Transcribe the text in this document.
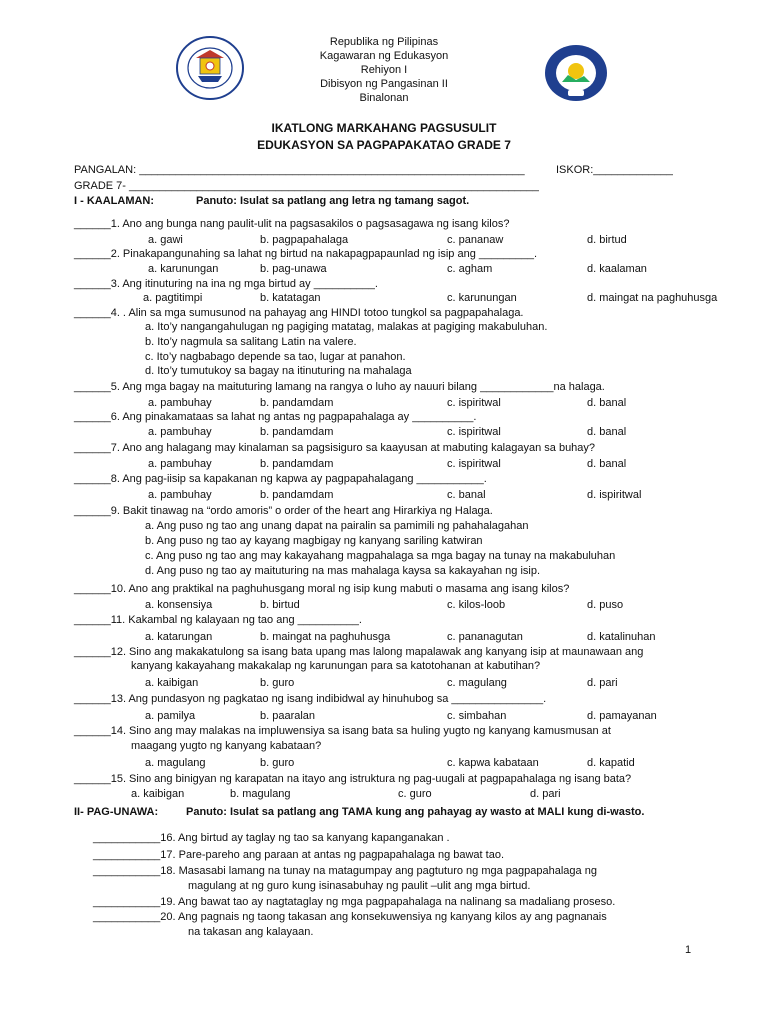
Republika ng Pilipinas
Kagawaran ng Edukasyon
Rehiyon I
Dibisyon ng Pangasinan II
Binalonan
IKATLONG MARKAHANG PAGSUSULIT
EDUKASYON SA PAGPAPAKATAO GRADE 7
PANGALAN: _______________________________________________________________	ISKOR:_____________
GRADE 7- ___________________________________________________________________
I - KAALAMAN:	Panuto: Isulat sa patlang ang letra ng tamang sagot.
______1. Ano ang bunga nang paulit-ulit na pagsasakilos o pagsasagawa ng isang kilos?
a. gawi	b. pagpapahalaga	c. pananaw	d. birtud
______2. Pinakapangunahing sa lahat ng birtud na nakapagpapaunlad ng isip ang _________.
a. karunungan	b. pag-unawa	c. agham	d. kaalaman
______3. Ang itinuturing na ina ng mga birtud ay __________.
a. pagtitimpi	b. katatagan	c. karunungan	d. maingat na paghuhusga
______4. . Alin sa mga sumusunod na pahayag ang HINDI totoo tungkol sa pagpapahalaga.
a. Ito’y nangangahulugan ng pagiging matatag, malakas at pagiging makabuluhan.
b. Ito’y nagmula sa salitang Latin na valere.
c. Ito’y nagbabago depende sa tao, lugar at panahon.
d. Ito’y tumutukoy sa bagay na itinuturing na mahalaga
______5. Ang mga bagay na maituturing lamang na rangya o luho ay nauuri bilang ____________na halaga.
a. pambuhay	b. pandamdam	c. ispiritwal	d. banal
______6. Ang pinakamataas sa lahat ng antas ng pagpapahalaga ay __________.
a. pambuhay	b. pandamdam	c. ispiritwal	d. banal
______7. Ano ang halagang may kinalaman sa pagsisiguro sa kaayusan at mabuting kalagayan sa buhay?
a. pambuhay	b. pandamdam	c. ispiritwal	d. banal
______8. Ang pag-iisip sa kapakanan ng kapwa ay pagpapahalagang ___________.
a. pambuhay	b. pandamdam	c. banal	d. ispiritwal
______9. Bakit tinawag na “ordo amoris” o order of the heart ang Hirarkiya ng Halaga.
a. Ang puso ng tao ang unang dapat na pairalin sa pamimili ng pahahalagahan
b. Ang puso ng tao ay kayang magbigay ng kanyang sariling katwiran
c. Ang puso ng tao ang may kakayahang magpahalaga sa mga bagay na tunay na makabuluhan
d. Ang puso ng tao ay maituturing na mas mahalaga kaysa sa kakayahan ng isip.
______10. Ano ang praktikal na paghuhusgang moral ng isip kung mabuti o masama ang isang kilos?
a. konsensiya	b. birtud	c. kilos-loob	d. puso
______11. Kakambal ng kalayaan ng tao ang __________.
a. katarungan	b. maingat na paghuhusga	c. pananagutan	d. katalinuhan
______12. Sino ang makakatulong sa isang bata upang mas lalong mapalawak ang kanyang isip at maunawaan ang
kanyang kakayahang makakalap ng karunungan para sa katotohanan at kabutihan?
a. kaibigan	b. guro	c. magulang	d. pari
______13. Ang pundasyon ng pagkatao ng isang indibidwal ay hinuhubog sa _______________.
a. pamilya	b. paaralan	c. simbahan	d. pamayanan
______14. Sino ang may malakas na impluwensiya sa isang bata sa huling yugto ng kanyang kamusmusan at
maagang yugto ng kanyang kabataan?
a. magulang	b. guro	c. kapwa kabataan	d. kapatid
______15. Sino ang binigyan ng karapatan na itayo ang istruktura ng pag-uugali at pagpapahalaga ng isang bata?
a. kaibigan	b. magulang	c. guro	d. pari
II- PAG-UNAWA:	Panuto: Isulat sa patlang ang TAMA kung ang pahayag ay wasto at MALI kung di-wasto.
___________16. Ang birtud ay taglay ng tao sa kanyang kapanganakan .
___________17. Pare-pareho ang paraan at antas ng pagpapahalaga ng bawat tao.
___________18. Masasabi lamang na tunay na matagumpay ang pagtuturo ng mga pagpapahalaga ng
magulang at ng guro kung isinasabuhay ng paulit –ulit ang mga birtud.
___________19. Ang bawat tao ay nagtataglay ng mga pagpapahalaga na nalinang sa madaliang proseso.
___________20. Ang pagnais ng taong takasan ang konsekuwensiya ng kanyang kilos ay ang pagnanais
na takasan ang kalayaan.
1
